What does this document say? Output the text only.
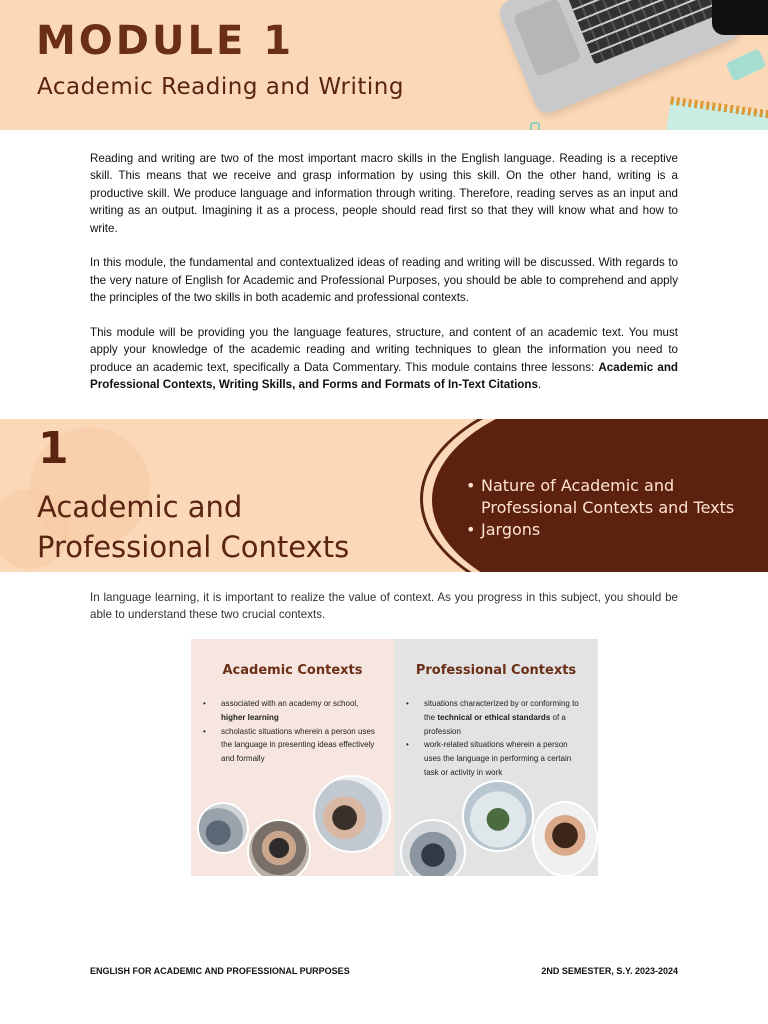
MODULE 1
Academic Reading and Writing

Reading and writing are two of the most important macro skills in the English language. Reading is a receptive skill. This means that we receive and grasp information by using this skill. On the other hand, writing is a productive skill. We produce language and information through writing. Therefore, reading serves as an input and writing as an output. Imagining it as a process, people should read first so that they will know what and how to write.

In this module, the fundamental and contextualized ideas of reading and writing will be discussed. With regards to the very nature of English for Academic and Professional Purposes, you should be able to comprehend and apply the principles of the two skills in both academic and professional contexts.

This module will be providing you the language features, structure, and content of an academic text. You must apply your knowledge of the academic reading and writing techniques to glean the information you need to produce an academic text, specifically a Data Commentary. This module contains three lessons: Academic and Professional Contexts, Writing Skills, and Forms and Formats of In-Text Citations.

1
Academic and Professional Contexts
• Nature of Academic and Professional Contexts and Texts
• Jargons
In language learning, it is important to realize the value of context. As you progress in this subject, you should be able to understand these two crucial contexts.
Academic Contexts
• associated with an academy or school, higher learning
• scholastic situations wherein a person uses the language in presenting ideas effectively and formally
Professional Contexts
• situations characterized by or conforming to the technical or ethical standards of a profession
• work-related situations wherein a person uses the language in performing a certain task or activity in work
ENGLISH FOR ACADEMIC AND PROFESSIONAL PURPOSES	2ND SEMESTER, S.Y. 2023-2024
